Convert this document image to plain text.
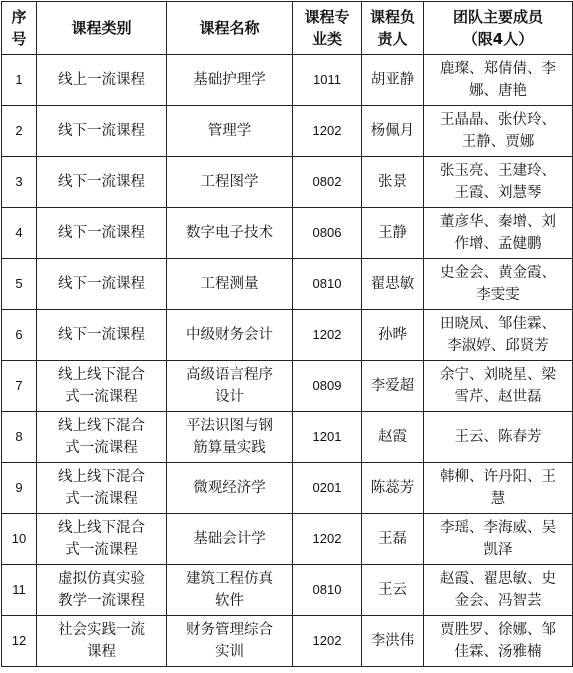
序号	课程类别	课程名称	课程专业类	课程负责人	团队主要成员（限4人）
1	线上一流课程	基础护理学	1011	胡亚静	鹿璨、郑倩倩、李娜、唐艳
2	线下一流课程	管理学	1202	杨佩月	王晶晶、张伏玲、王静、贾娜
3	线下一流课程	工程图学	0802	张景	张玉亮、王建玲、王霞、刘慧琴
4	线下一流课程	数字电子技术	0806	王静	董彦华、秦增、刘作增、孟健鹏
5	线下一流课程	工程测量	0810	翟思敏	史金会、黄金霞、李雯雯
6	线下一流课程	中级财务会计	1202	孙晔	田晓凤、邹佳霖、李淑婷、邱贤芳
7	线上线下混合式一流课程	高级语言程序设计	0809	李爱超	余宁、刘晓星、梁雪芹、赵世磊
8	线上线下混合式一流课程	平法识图与钢筋算量实践	1201	赵霞	王云、陈春芳
9	线上线下混合式一流课程	微观经济学	0201	陈蕊芳	韩柳、许丹阳、王慧
10	线上线下混合式一流课程	基础会计学	1202	王磊	李瑶、李海威、吴凯泽
11	虚拟仿真实验教学一流课程	建筑工程仿真软件	0810	王云	赵霞、翟思敏、史金会、冯智芸
12	社会实践一流课程	财务管理综合实训	1202	李洪伟	贾胜罗、徐娜、邹佳霖、汤雅楠
